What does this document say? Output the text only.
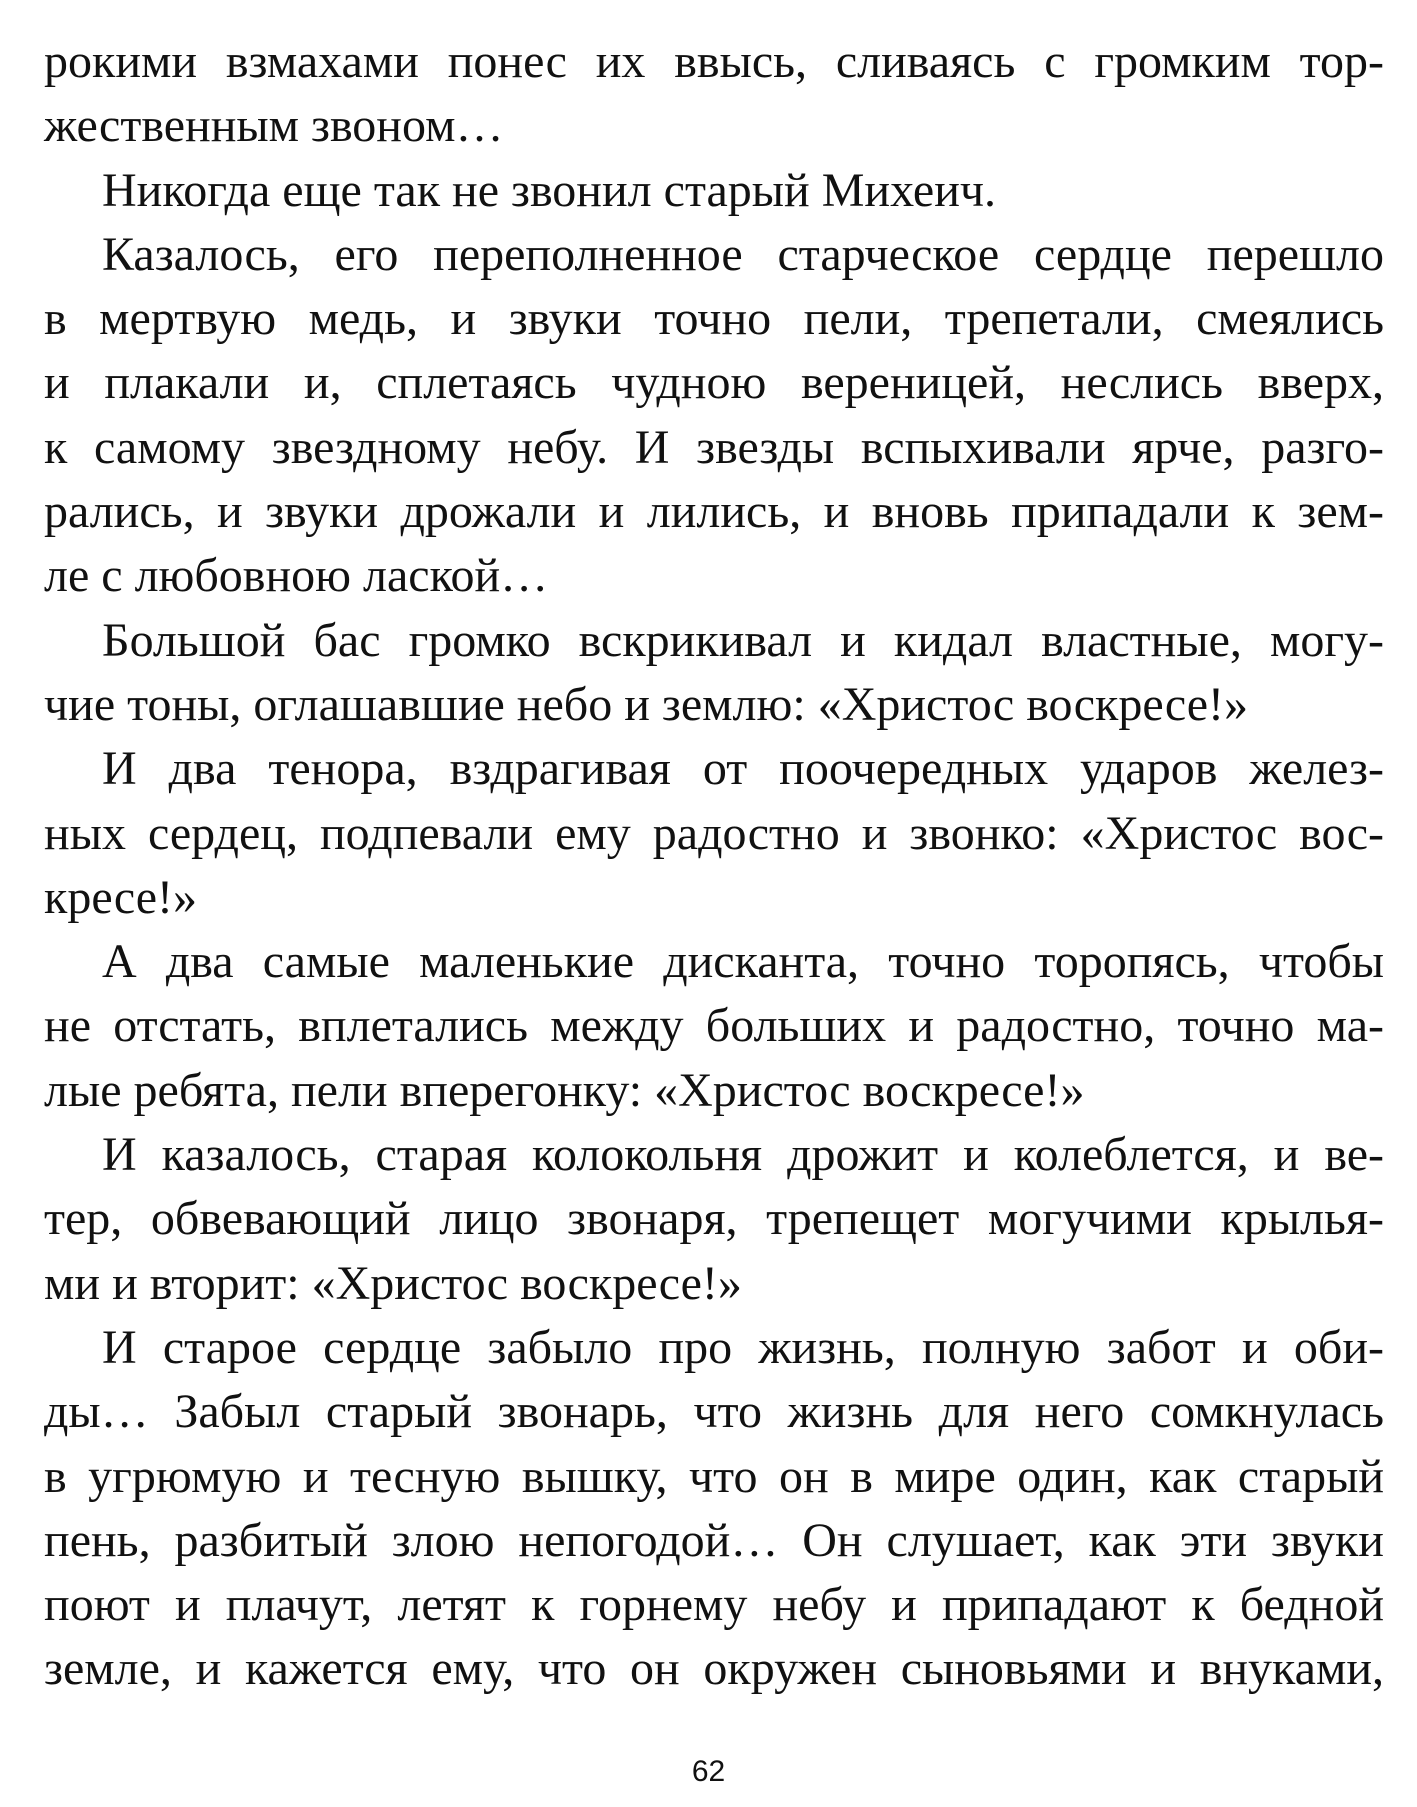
рокими взмахами понес их ввысь, сливаясь с громким тор-
жественным звоном…

Никогда еще так не звонил старый Михеич.

Казалось, его переполненное старческое сердце перешло
в мертвую медь, и звуки точно пели, трепетали, смеялись
и плакали и, сплетаясь чудною вереницей, неслись вверх,
к самому звездному небу. И звезды вспыхивали ярче, разго-
рались, и звуки дрожали и лились, и вновь припадали к зем-
ле с любовною лаской…

Большой бас громко вскрикивал и кидал властные, могу-
чие тоны, оглашавшие небо и землю: «Христос воскресе!»

И два тенора, вздрагивая от поочередных ударов желез-
ных сердец, подпевали ему радостно и звонко: «Христос вос-
кресе!»

А два самые маленькие дисканта, точно торопясь, чтобы
не отстать, вплетались между больших и радостно, точно ма-
лые ребята, пели вперегонку: «Христос воскресе!»

И казалось, старая колокольня дрожит и колеблется, и ве-
тер, обвевающий лицо звонаря, трепещет могучими крылья-
ми и вторит: «Христос воскресе!»

И старое сердце забыло про жизнь, полную забот и оби-
ды… Забыл старый звонарь, что жизнь для него сомкнулась
в угрюмую и тесную вышку, что он в мире один, как старый
пень, разбитый злою непогодой… Он слушает, как эти звуки
поют и плачут, летят к горнему небу и припадают к бедной
земле, и кажется ему, что он окружен сыновьями и внуками,

62
